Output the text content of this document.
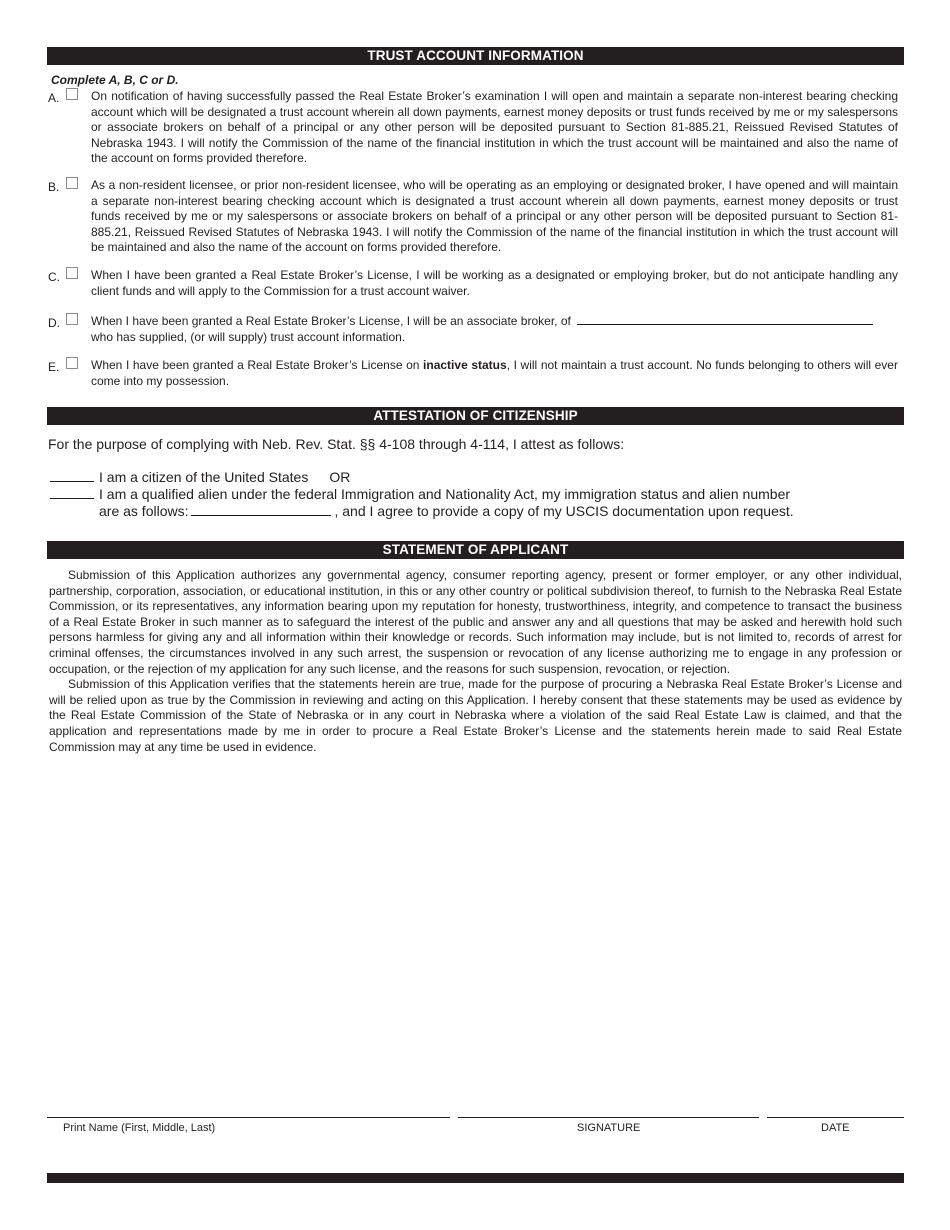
TRUST ACCOUNT INFORMATION
Complete A, B, C or D.
A.	On notification of having successfully passed the Real Estate Broker’s examination I will open and maintain a separate non-interest bearing checking account which will be designated a trust account wherein all down payments, earnest money deposits or trust funds received by me or my salespersons or associate brokers on behalf of a principal or any other person will be deposited pursuant to Section 81-885.21, Reissued Revised Statutes of Nebraska 1943. I will notify the Commission of the name of the financial institution in which the trust account will be maintained and also the name of the account on forms provided therefore.
B.	As a non-resident licensee, or prior non-resident licensee, who will be operating as an employing or designated broker, I have opened and will maintain a separate non-interest bearing checking account which is designated a trust account wherein all down payments, earnest money deposits or trust funds received by me or my salespersons or associate brokers on behalf of a principal or any other person will be deposited pursuant to Section 81-885.21, Reissued Revised Statutes of Nebraska 1943. I will notify the Commission of the name of the financial institution in which the trust account will be maintained and also the name of the account on forms provided therefore.
C.	When I have been granted a Real Estate Broker’s License, I will be working as a designated or employing broker, but do not anticipate handling any client funds and will apply to the Commission for a trust account waiver.
D.	When I have been granted a Real Estate Broker’s License, I will be an associate broker, of
who has supplied, (or will supply) trust account information.
E.	When I have been granted a Real Estate Broker’s License on inactive status, I will not maintain a trust account. No funds belonging to others will ever come into my possession.
ATTESTATION OF CITIZENSHIP
For the purpose of complying with Neb. Rev. Stat. §§ 4-108 through 4-114, I attest as follows:
I am a citizen of the United States OR
I am a qualified alien under the federal Immigration and Nationality Act, my immigration status and alien number
are as follows:	, and I agree to provide a copy of my USCIS documentation upon request.
STATEMENT OF APPLICANT

Submission of this Application authorizes any governmental agency, consumer reporting agency, present or former employer, or any other individual, partnership, corporation, association, or educational institution, in this or any other country or political subdivision thereof, to furnish to the Nebraska Real Estate Commission, or its representatives, any information bearing upon my reputation for honesty, trustworthiness, integrity, and competence to transact the business of a Real Estate Broker in such manner as to safeguard the interest of the public and answer any and all questions that may be asked and herewith hold such persons harmless for giving any and all information within their knowledge or records. Such information may include, but is not limited to, records of arrest for criminal offenses, the circumstances involved in any such arrest, the suspension or revocation of any license authorizing me to engage in any profession or occupation, or the rejection of my application for any such license, and the reasons for such suspension, revocation, or rejection.

Submission of this Application verifies that the statements herein are true, made for the purpose of procuring a Nebraska Real Estate Broker’s License and will be relied upon as true by the Commission in reviewing and acting on this Application. I hereby consent that these statements may be used as evidence by the Real Estate Commission of the State of Nebraska or in any court in Nebraska where a violation of the said Real Estate Law is claimed, and that the application and representations made by me in order to procure a Real Estate Broker’s License and the statements herein made to said Real Estate Commission may at any time be used in evidence.

Print Name (First, Middle, Last)	SIGNATURE	DATE
